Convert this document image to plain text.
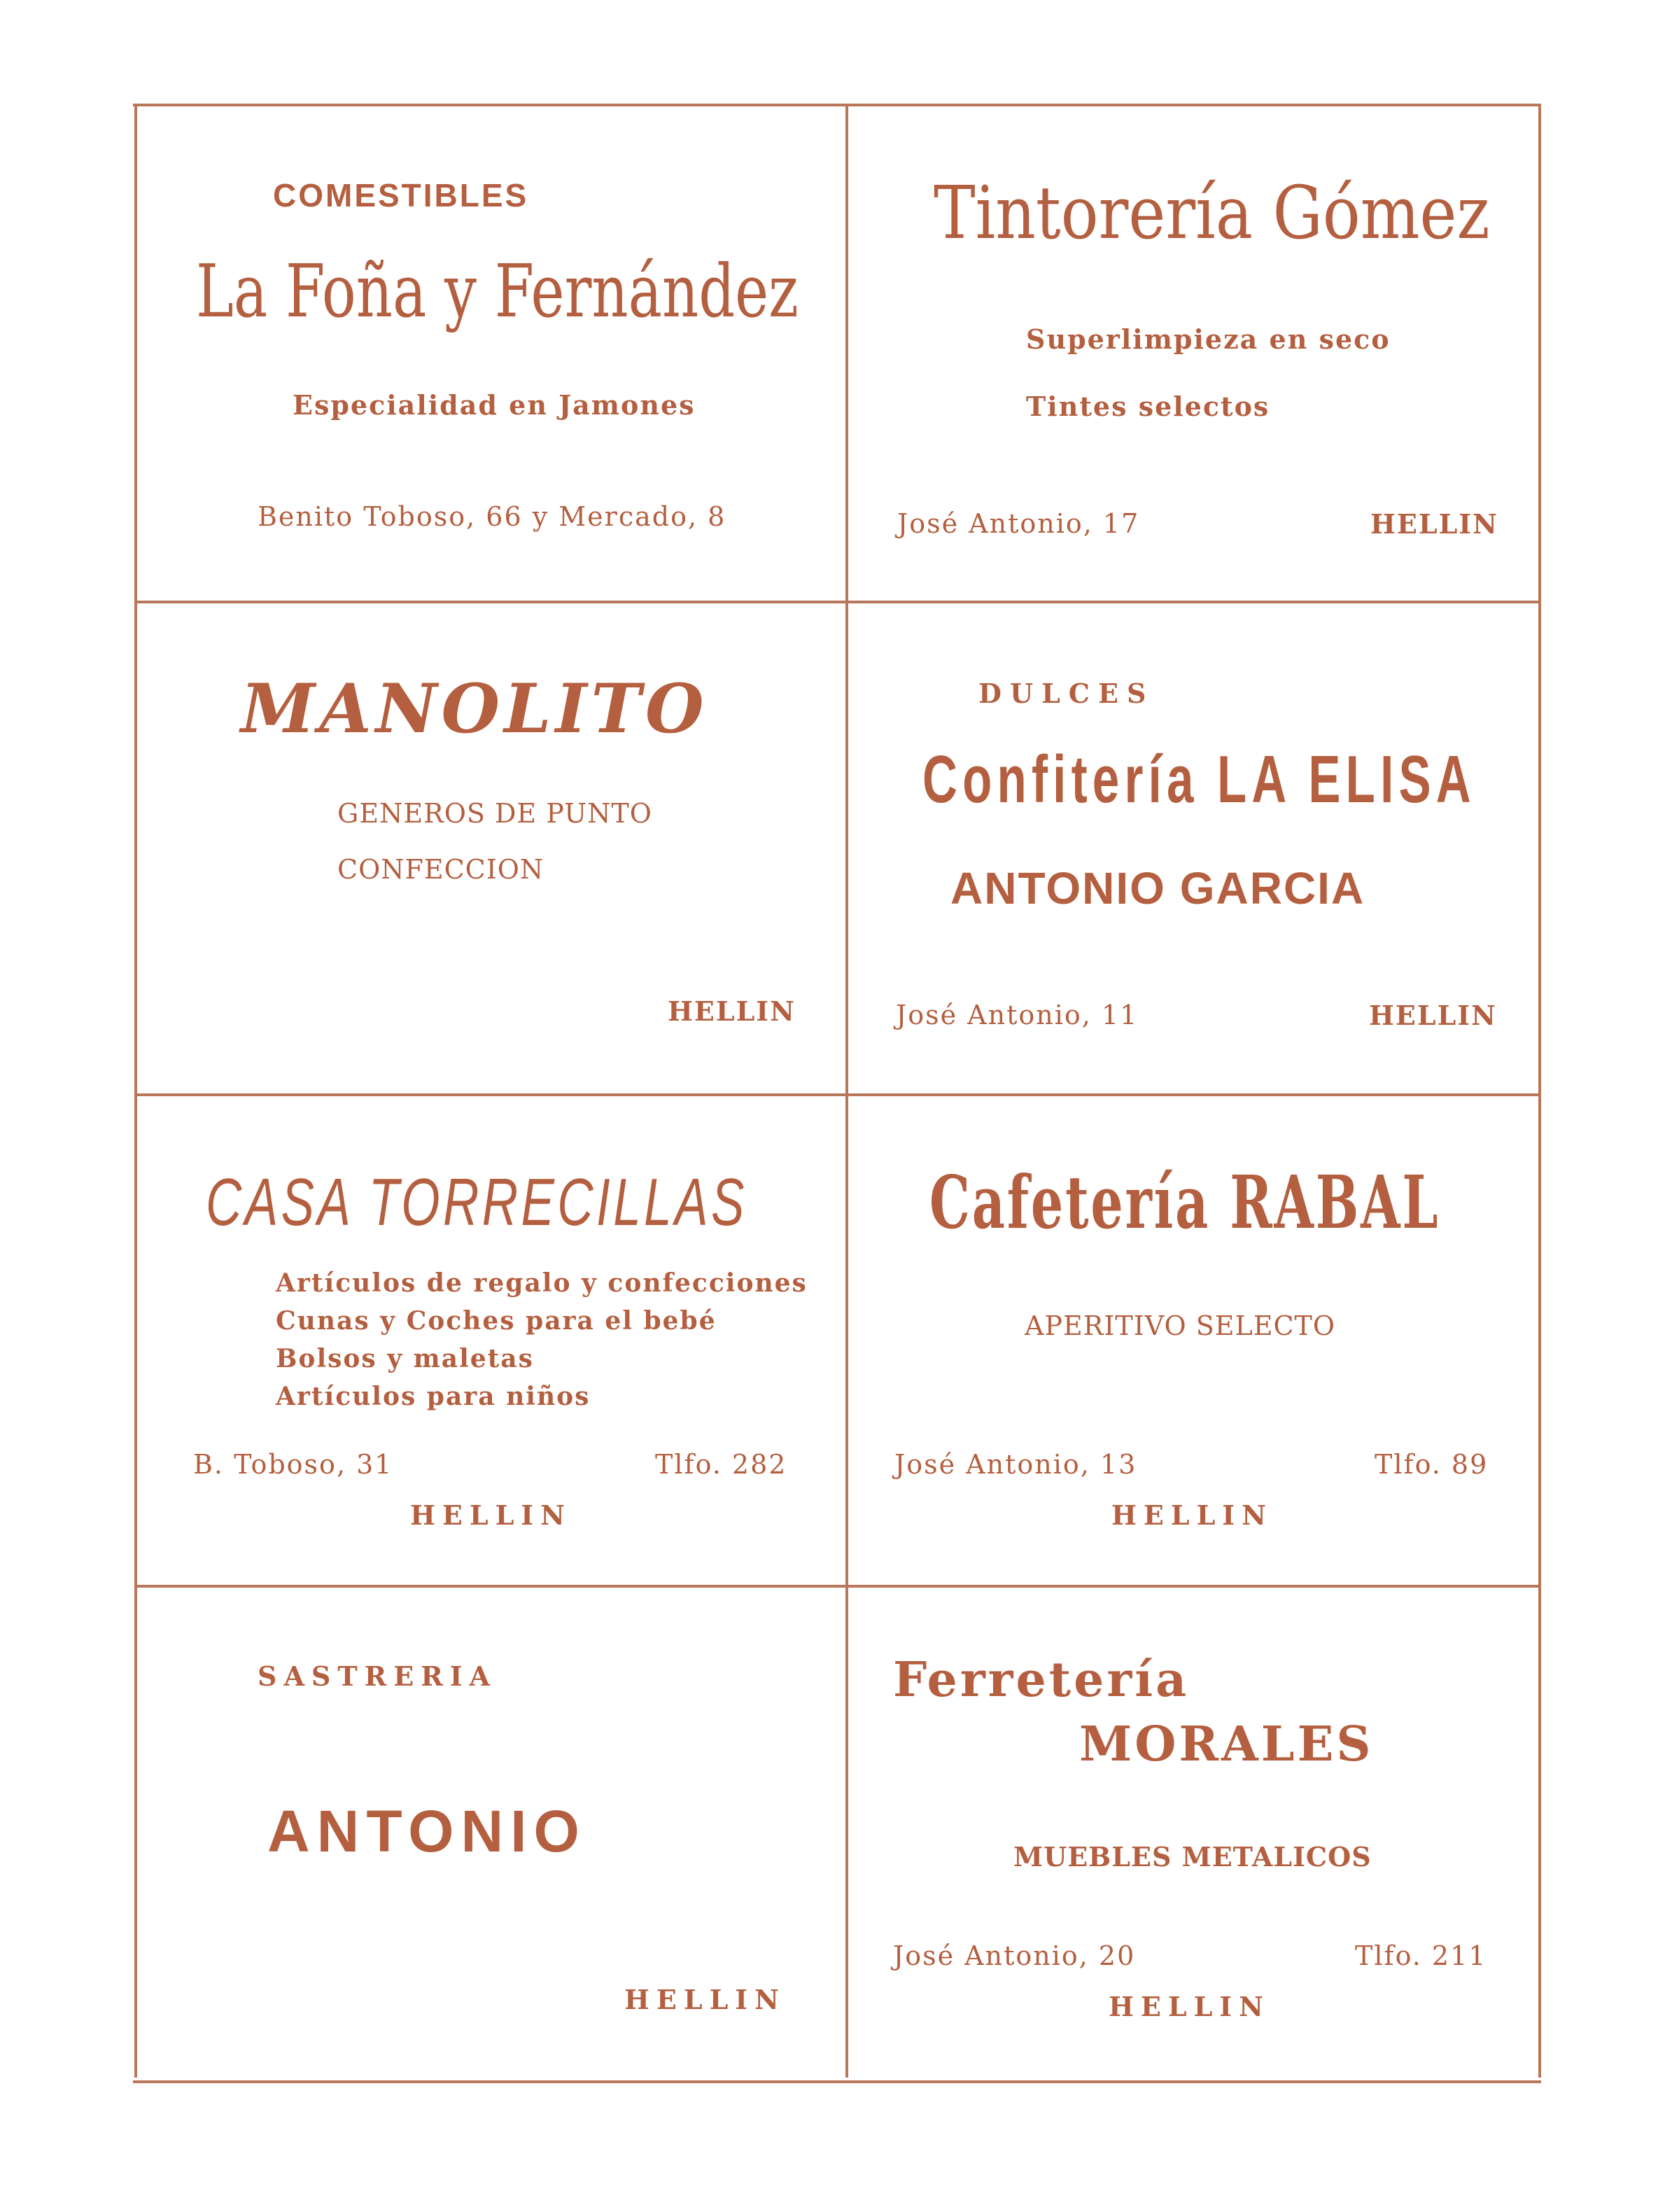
COMESTIBLES
La Foña y Fernández
Especialidad en Jamones
Benito Toboso, 66 y Mercado, 8
Tintorería Gómez
Superlimpieza en seco
Tintes selectos
José Antonio, 17	HELLIN
MANOLITO
GENEROS DE PUNTO
CONFECCION
HELLIN
DULCES
Confitería LA ELISA
ANTONIO GARCIA
José Antonio, 11	HELLIN
CASA TORRECILLAS
Artículos de regalo y confecciones
Cunas y Coches para el bebé
Bolsos y maletas
Artículos para niños
B. Toboso, 31	Tlfo. 282
HELLIN
Cafetería RABAL
APERITIVO SELECTO
José Antonio, 13	Tlfo. 89
HELLIN
SASTRERIA
ANTONIO
HELLIN
Ferretería
MORALES
MUEBLES METALICOS
José Antonio, 20	Tlfo. 211
HELLIN
